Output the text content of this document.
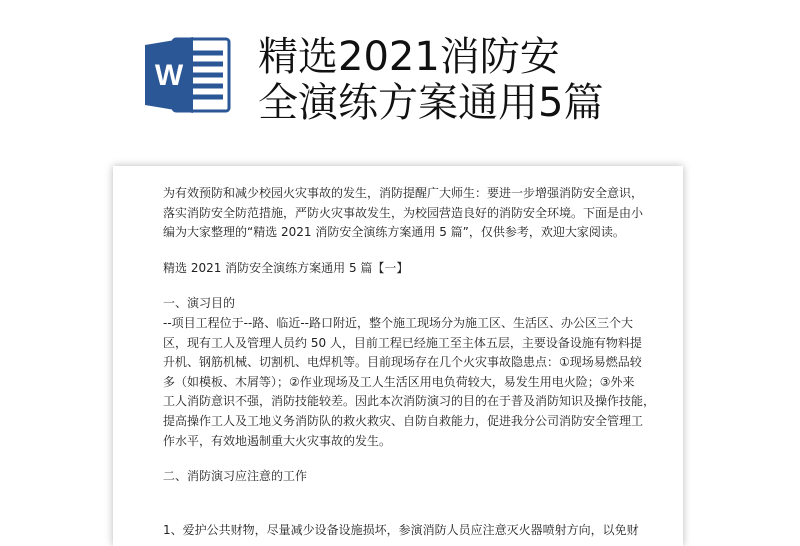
W 精选2021消防安
全演练方案通用5篇
为有效预防和减少校园火灾事故的发生，消防提醒广大师生：要进一步增强消防安全意识，
落实消防安全防范措施，严防火灾事故发生，为校园营造良好的消防安全环境。下面是由小
编为大家整理的“精选 2021 消防安全演练方案通用 5 篇”，仅供参考，欢迎大家阅读。
精选 2021 消防安全演练方案通用 5 篇【一】
一、演习目的
--项目工程位于--路、临近--路口附近，整个施工现场分为施工区、生活区、办公区三个大
区，现有工人及管理人员约 50 人，目前工程已经施工至主体五层，主要设备设施有物料提
升机、钢筋机械、切割机、电焊机等。目前现场存在几个火灾事故隐患点：①现场易燃品较
多（如模板、木屑等）；②作业现场及工人生活区用电负荷较大，易发生用电火险；③外来
工人消防意识不强，消防技能较差。因此本次消防演习的目的在于普及消防知识及操作技能，
提高操作工人及工地义务消防队的救火救灾、自防自救能力，促进我分公司消防安全管理工
作水平，有效地遏制重大火灾事故的发生。
二、消防演习应注意的工作
1、爱护公共财物，尽量减少设备设施损坏，参演消防人员应注意灭火器喷射方向，以免财
